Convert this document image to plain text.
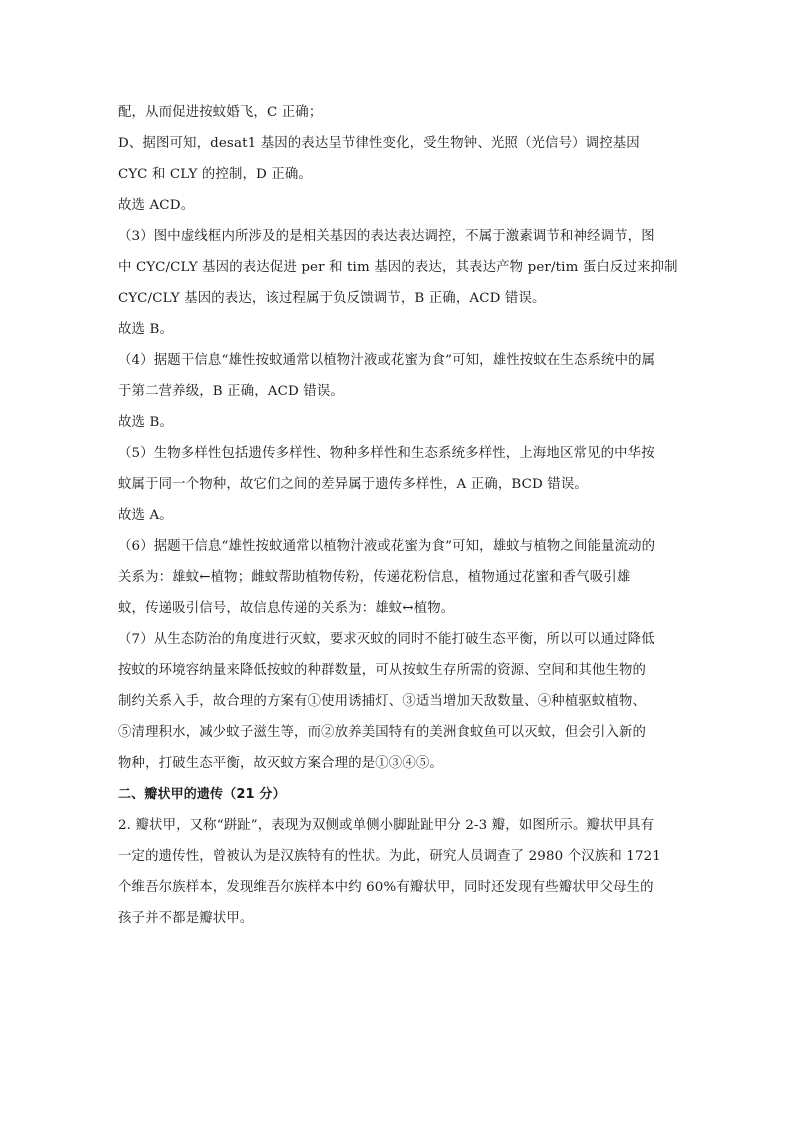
配，从而促进按蚊婚飞，C 正确；
D、据图可知，desat1 基因的表达呈节律性变化，受生物钟、光照（光信号）调控基因
CYC 和 CLY 的控制，D 正确。
故选 ACD。
（3）图中虚线框内所涉及的是相关基因的表达表达调控，不属于激素调节和神经调节，图
中 CYC/CLY 基因的表达促进 per 和 tim 基因的表达，其表达产物 per/tim 蛋白反过来抑制
CYC/CLY 基因的表达，该过程属于负反馈调节，B 正确，ACD 错误。
故选 B。
（4）据题干信息“雄性按蚊通常以植物汁液或花蜜为食”可知，雄性按蚊在生态系统中的属
于第二营养级，B 正确，ACD 错误。
故选 B。
（5）生物多样性包括遗传多样性、物种多样性和生态系统多样性，上海地区常见的中华按
蚊属于同一个物种，故它们之间的差异属于遗传多样性，A 正确，BCD 错误。
故选 A。
（6）据题干信息“雄性按蚊通常以植物汁液或花蜜为食”可知，雄蚊与植物之间能量流动的
关系为：雄蚊←植物；雌蚊帮助植物传粉，传递花粉信息，植物通过花蜜和香气吸引雄
蚊，传递吸引信号，故信息传递的关系为：雄蚊↔植物。
（7）从生态防治的角度进行灭蚊，要求灭蚊的同时不能打破生态平衡，所以可以通过降低
按蚊的环境容纳量来降低按蚊的种群数量，可从按蚊生存所需的资源、空间和其他生物的
制约关系入手，故合理的方案有①使用诱捕灯、③适当增加天敌数量、④种植驱蚊植物、
⑤清理积水，减少蚊子滋生等，而②放养美国特有的美洲食蚊鱼可以灭蚊，但会引入新的
物种，打破生态平衡，故灭蚊方案合理的是①③④⑤。
二、瓣状甲的遗传（21 分）
2. 瓣状甲，又称“跰趾”，表现为双侧或单侧小脚趾趾甲分 2-3 瓣，如图所示。瓣状甲具有
一定的遗传性，曾被认为是汉族特有的性状。为此，研究人员调查了 2980 个汉族和 1721
个维吾尔族样本，发现维吾尔族样本中约 60%有瓣状甲，同时还发现有些瓣状甲父母生的
孩子并不都是瓣状甲。
